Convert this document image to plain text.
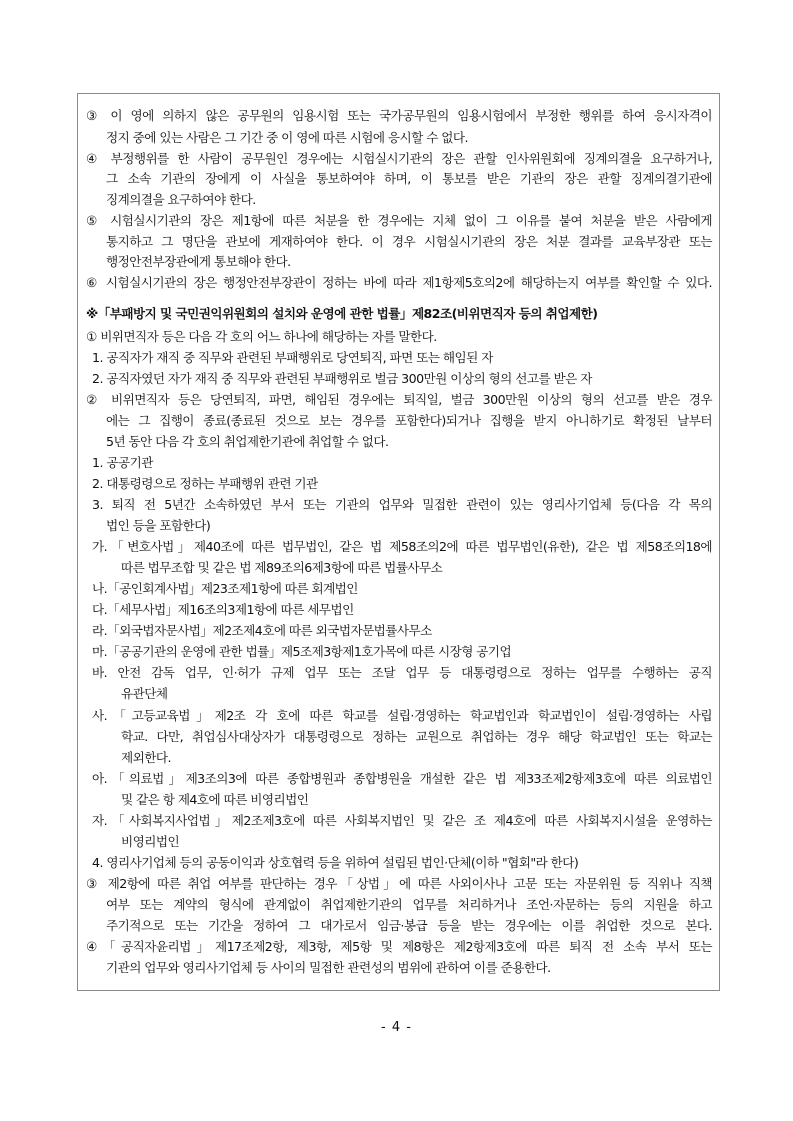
③ 이 영에 의하지 않은 공무원의 임용시험 또는 국가공무원의 임용시험에서 부정한 행위를 하여 응시자격이
정지 중에 있는 사람은 그 기간 중 이 영에 따른 시험에 응시할 수 없다.
④ 부정행위를 한 사람이 공무원인 경우에는 시험실시기관의 장은 관할 인사위원회에 징계의결을 요구하거나,
그 소속 기관의 장에게 이 사실을 통보하여야 하며, 이 통보를 받은 기관의 장은 관할 징계의결기관에
징계의결을 요구하여야 한다.
⑤ 시험실시기관의 장은 제1항에 따른 처분을 한 경우에는 지체 없이 그 이유를 붙여 처분을 받은 사람에게
통지하고 그 명단을 관보에 게재하여야 한다. 이 경우 시험실시기관의 장은 처분 결과를 교육부장관 또는
행정안전부장관에게 통보해야 한다.
⑥ 시험실시기관의 장은 행정안전부장관이 정하는 바에 따라 제1항제5호의2에 해당하는지 여부를 확인할 수 있다.
※「부패방지 및 국민권익위원회의 설치와 운영에 관한 법률」제82조(비위면직자 등의 취업제한)
① 비위면직자 등은 다음 각 호의 어느 하나에 해당하는 자를 말한다.
1. 공직자가 재직 중 직무와 관련된 부패행위로 당연퇴직, 파면 또는 해임된 자
2. 공직자였던 자가 재직 중 직무와 관련된 부패행위로 벌금 300만원 이상의 형의 선고를 받은 자
② 비위면직자 등은 당연퇴직, 파면, 해임된 경우에는 퇴직일, 벌금 300만원 이상의 형의 선고를 받은 경우
에는 그 집행이 종료(종료된 것으로 보는 경우를 포함한다)되거나 집행을 받지 아니하기로 확정된 날부터
5년 동안 다음 각 호의 취업제한기관에 취업할 수 없다.
1. 공공기관
2. 대통령령으로 정하는 부패행위 관련 기관
3. 퇴직 전 5년간 소속하였던 부서 또는 기관의 업무와 밀접한 관련이 있는 영리사기업체 등(다음 각 목의
법인 등을 포함한다)
가.「변호사법」제40조에 따른 법무법인, 같은 법 제58조의2에 따른 법무법인(유한), 같은 법 제58조의18에
따른 법무조합 및 같은 법 제89조의6제3항에 따른 법률사무소
나.「공인회계사법」제23조제1항에 따른 회계법인
다.「세무사법」제16조의3제1항에 따른 세무법인
라.「외국법자문사법」제2조제4호에 따른 외국법자문법률사무소
마.「공공기관의 운영에 관한 법률」제5조제3항제1호가목에 따른 시장형 공기업
바. 안전 감독 업무, 인·허가 규제 업무 또는 조달 업무 등 대통령령으로 정하는 업무를 수행하는 공직
유관단체
사.「고등교육법」제2조 각 호에 따른 학교를 설립·경영하는 학교법인과 학교법인이 설립·경영하는 사립
학교. 다만, 취업심사대상자가 대통령령으로 정하는 교원으로 취업하는 경우 해당 학교법인 또는 학교는
제외한다.
아.「의료법」제3조의3에 따른 종합병원과 종합병원을 개설한 같은 법 제33조제2항제3호에 따른 의료법인
및 같은 항 제4호에 따른 비영리법인
자.「사회복지사업법」제2조제3호에 따른 사회복지법인 및 같은 조 제4호에 따른 사회복지시설을 운영하는
비영리법인
4. 영리사기업체 등의 공동이익과 상호협력 등을 위하여 설립된 법인·단체(이하 "협회"라 한다)
③ 제2항에 따른 취업 여부를 판단하는 경우「상법」에 따른 사외이사나 고문 또는 자문위원 등 직위나 직책
여부 또는 계약의 형식에 관계없이 취업제한기관의 업무를 처리하거나 조언·자문하는 등의 지원을 하고
주기적으로 또는 기간을 정하여 그 대가로서 임금·봉급 등을 받는 경우에는 이를 취업한 것으로 본다.
④「공직자윤리법」제17조제2항, 제3항, 제5항 및 제8항은 제2항제3호에 따른 퇴직 전 소속 부서 또는
기관의 업무와 영리사기업체 등 사이의 밀접한 관련성의 범위에 관하여 이를 준용한다.
- 4 -
